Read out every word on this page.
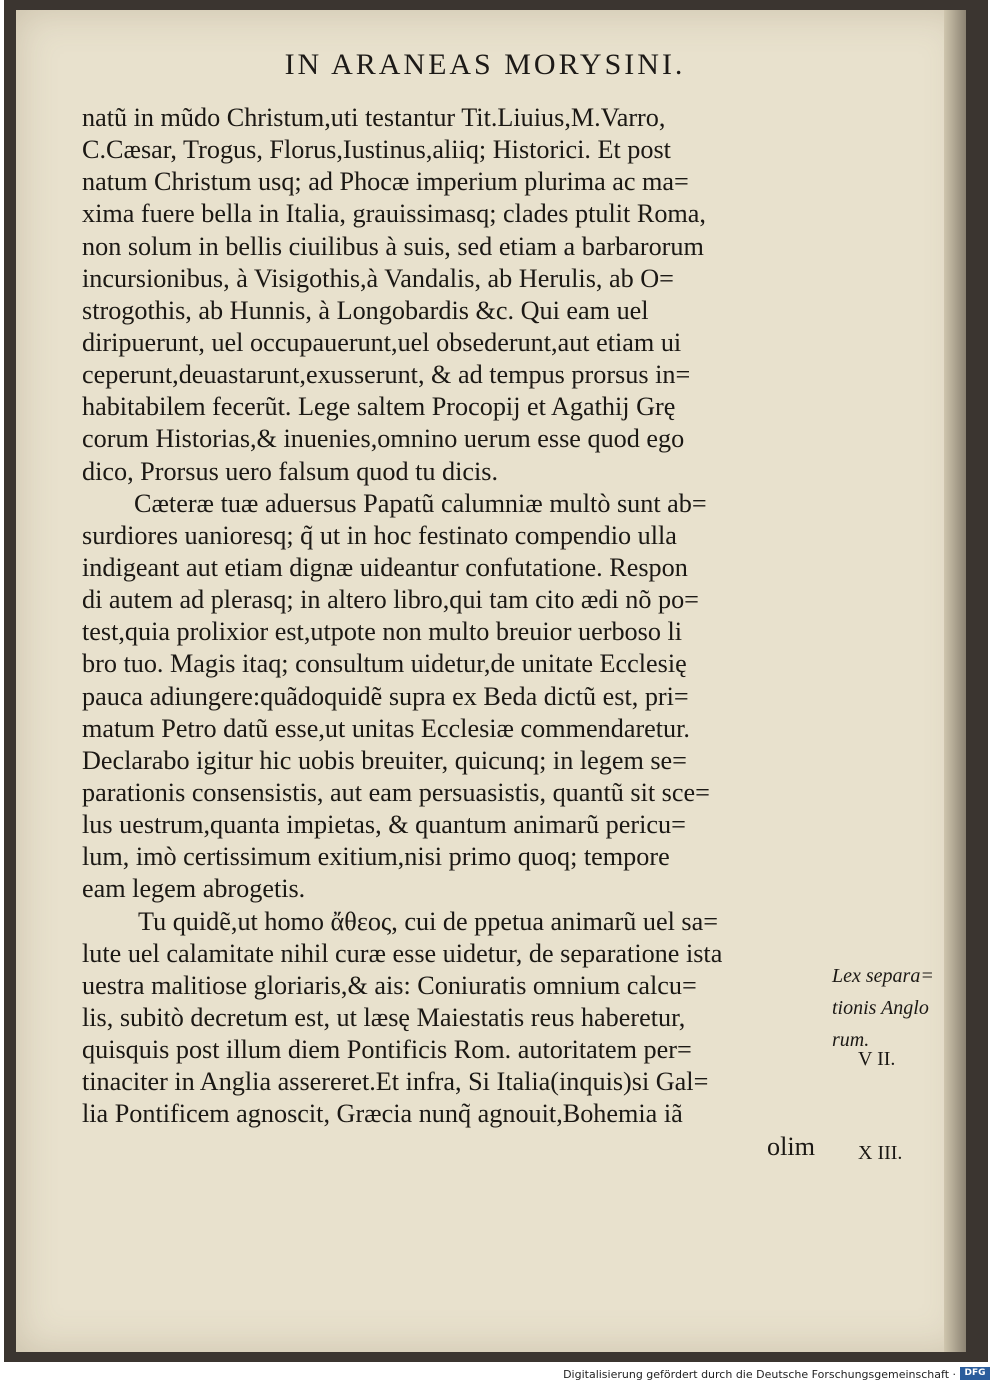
IN ARANEAS MORYSINI.
natũ in mũdo Christum,uti testantur Tit.Liuius,M.Varro,
C.Cæsar, Trogus, Florus,Iustinus,aliiq; Historici. Et post
natum Christum usq; ad Phocæ imperium plurima ac ma=
xima fuere bella in Italia, grauissimasq; clades ptulit Roma,
non solum in bellis ciuilibus à suis, sed etiam a barbarorum
incursionibus, à Visigothis,à Vandalis, ab Herulis, ab O=
strogothis, ab Hunnis, à Longobardis &c. Qui eam uel
diripuerunt, uel occupauerunt,uel obsederunt,aut etiam ui
ceperunt,deuastarunt,exusserunt, & ad tempus prorsus in=
habitabilem fecerũt. Lege saltem Procopij et Agathij Grę
corum Historias,& inuenies,omnino uerum esse quod ego
dico, Prorsus uero falsum quod tu dicis.
Cæteræ tuæ aduersus Papatũ calumniæ multò sunt ab=
surdiores uanioresq; q̃ ut in hoc festinato compendio ulla
indigeant aut etiam dignæ uideantur confutatione. Respon
di autem ad plerasq; in altero libro,qui tam cito ædi nõ po=
test,quia prolixior est,utpote non multo breuior uerboso li
bro tuo. Magis itaq; consultum uidetur,de unitate Ecclesię
pauca adiungere:quãdoquidẽ supra ex Beda dictũ est, pri=
matum Petro datũ esse,ut unitas Ecclesiæ commendaretur.
Declarabo igitur hic uobis breuiter, quicunq; in legem se=
parationis consensistis, aut eam persuasistis, quantũ sit sce=
lus uestrum,quanta impietas, & quantum animarũ pericu=
lum, imò certissimum exitium,nisi primo quoq; tempore
eam legem abrogetis.
Tu quidẽ,ut homo ἄθεος, cui de ppetua animarũ uel sa=
lute uel calamitate nihil curæ esse uidetur, de separatione ista
uestra malitiose gloriaris,& ais: Coniuratis omnium calcu=
lis, subitò decretum est, ut læsę Maiestatis reus haberetur,
quisquis post illum diem Pontificis Rom. autoritatem per=
tinaciter in Anglia assereret.Et infra, Si Italia(inquis)si Gal=
lia Pontificem agnoscit, Græcia nunq̃ agnouit,Bohemia iã
olim
Lex separa=
tionis Anglo
rum.
V II.
X III.
Digitalisierung gefördert durch die Deutsche Forschungsgemeinschaft · DFG
